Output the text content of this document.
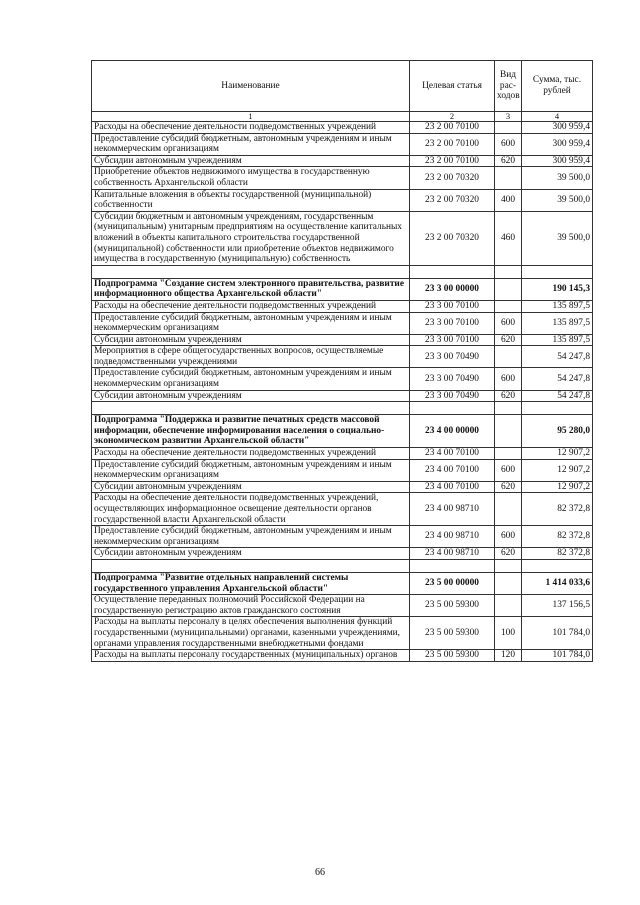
Наименование	Целевая статья	Вид рас-ходов	Сумма, тыс. рублей
1	2	3	4
Расходы на обеспечение деятельности подведомственных учреждений	23 2 00 70100		300 959,4
Предоставление субсидий бюджетным, автономным учреждениям и иным некоммерческим организациям	23 2 00 70100	600	300 959,4
Субсидии автономным учреждениям	23 2 00 70100	620	300 959,4
Приобретение объектов недвижимого имущества в государственную собственность Архангельской области	23 2 00 70320		39 500,0
Капитальные вложения в объекты государственной (муниципальной) собственности	23 2 00 70320	400	39 500,0
Субсидии бюджетным и автономным учреждениям, государственным (муниципальным) унитарным предприятиям на осуществление капитальных вложений в объекты капитального строительства государственной (муниципальной) собственности или приобретение объектов недвижимого имущества в государственную (муниципальную) собственность	23 2 00 70320	460	39 500,0

Подпрограмма "Создание систем электронного правительства, развитие информационного общества Архангельской области"	23 3 00 00000		190 145,3
Расходы на обеспечение деятельности подведомственных учреждений	23 3 00 70100		135 897,5
Предоставление субсидий бюджетным, автономным учреждениям и иным некоммерческим организациям	23 3 00 70100	600	135 897,5
Субсидии автономным учреждениям	23 3 00 70100	620	135 897,5
Мероприятия в сфере общегосударственных вопросов, осуществляемые подведомственными учреждениями	23 3 00 70490		54 247,8
Предоставление субсидий бюджетным, автономным учреждениям и иным некоммерческим организациям	23 3 00 70490	600	54 247,8
Субсидии автономным учреждениям	23 3 00 70490	620	54 247,8

Подпрограмма "Поддержка и развитие печатных средств массовой информации, обеспечение информирования населения о социально-экономическом развитии Архангельской области"	23 4 00 00000		95 280,0
Расходы на обеспечение деятельности подведомственных учреждений	23 4 00 70100		12 907,2
Предоставление субсидий бюджетным, автономным учреждениям и иным некоммерческим организациям	23 4 00 70100	600	12 907,2
Субсидии автономным учреждениям	23 4 00 70100	620	12 907,2
Расходы на обеспечение деятельности подведомственных учреждений, осуществляющих информационное освещение деятельности органов государственной власти Архангельской области	23 4 00 98710		82 372,8
Предоставление субсидий бюджетным, автономным учреждениям и иным некоммерческим организациям	23 4 00 98710	600	82 372,8
Субсидии автономным учреждениям	23 4 00 98710	620	82 372,8

Подпрограмма "Развитие отдельных направлений системы государственного управления Архангельской области"	23 5 00 00000		1 414 033,6
Осуществление переданных полномочий Российской Федерации на государственную регистрацию актов гражданского состояния	23 5 00 59300		137 156,5
Расходы на выплаты персоналу в целях обеспечения выполнения функций государственными (муниципальными) органами, казенными учреждениями, органами управления государственными внебюджетными фондами	23 5 00 59300	100	101 784,0
Расходы на выплаты персоналу государственных (муниципальных) органов	23 5 00 59300	120	101 784,0
66
